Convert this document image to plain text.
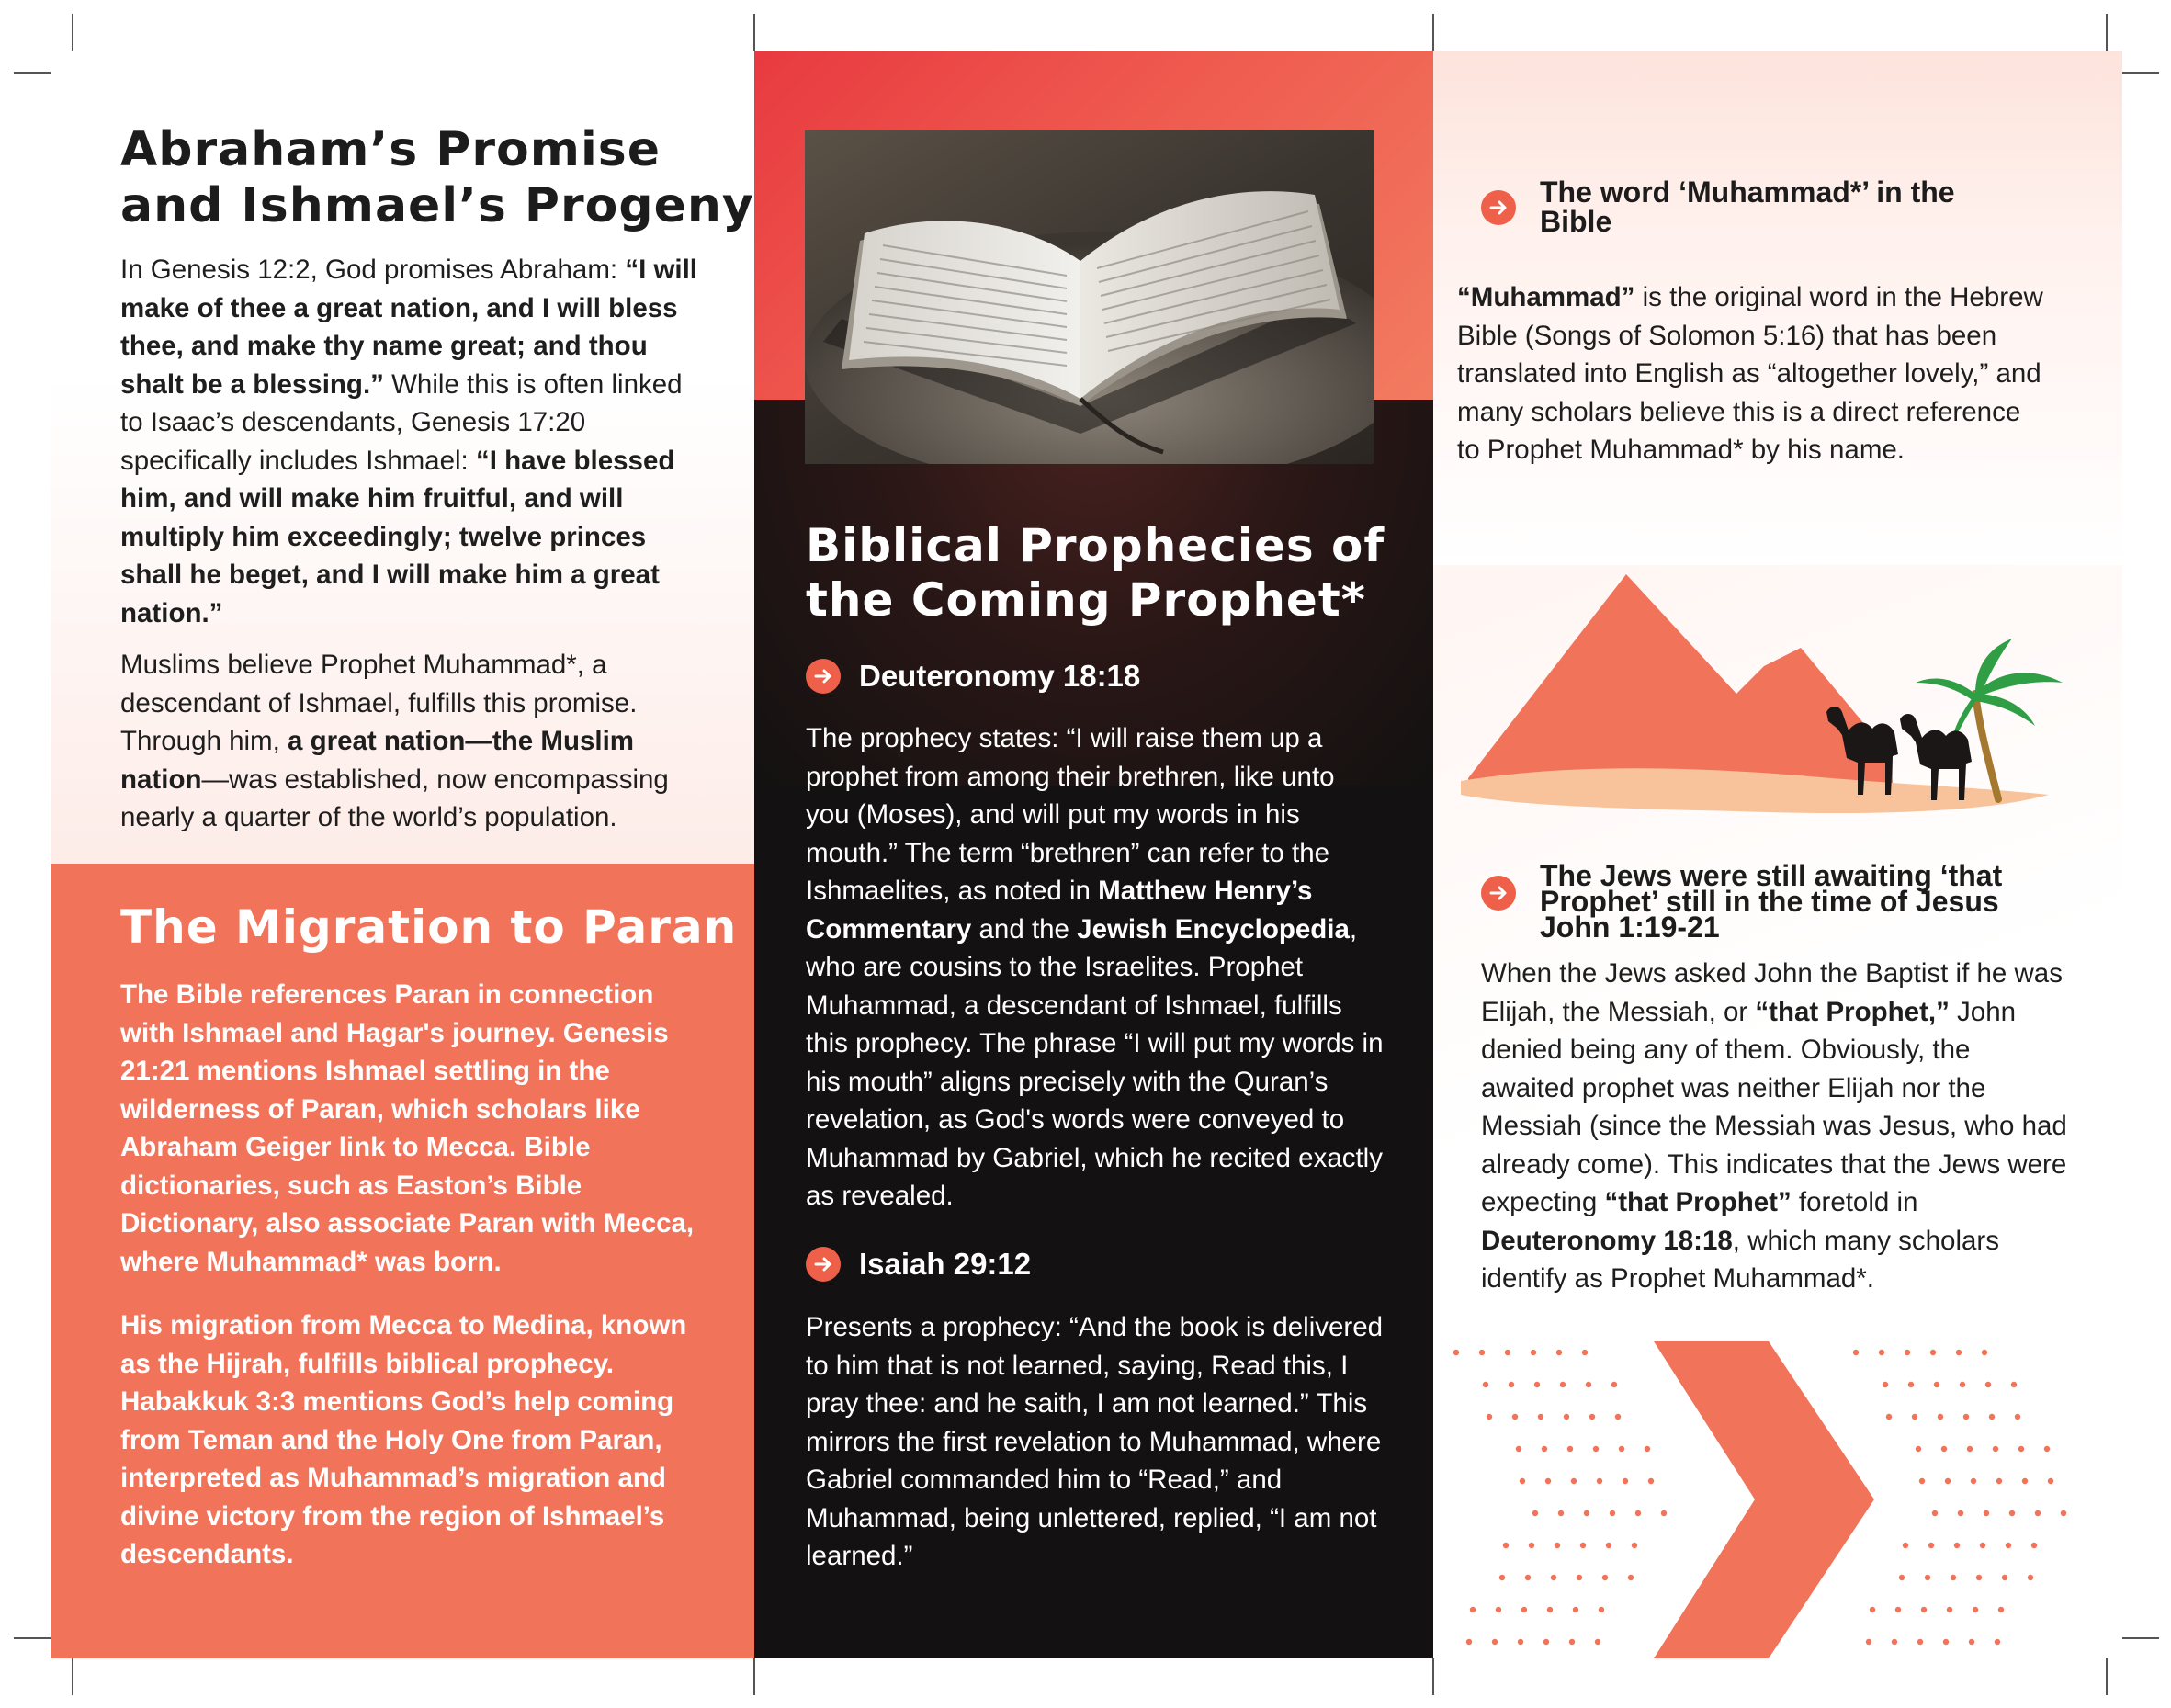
Abraham’s Promise
and Ishmael’s Progeny

In Genesis 12:2, God promises Abraham: “I will make of thee a great nation, and I will bless thee, and make thy name great; and thou shalt be a blessing.” While this is often linked to Isaac’s descendants, Genesis 17:20 specifically includes Ishmael: “I have blessed him, and will make him fruitful, and will multiply him exceedingly; twelve princes shall he beget, and I will make him a great nation.”

Muslims believe Prophet Muhammad*, a descendant of Ishmael, fulfills this promise. Through him, a great nation—the Muslim nation—was established, now encompassing nearly a quarter of the world’s population.

The Migration to Paran

The Bible references Paran in connection with Ishmael and Hagar's journey. Genesis 21:21 mentions Ishmael settling in the wilderness of Paran, which scholars like Abraham Geiger link to Mecca. Bible dictionaries, such as Easton’s Bible Dictionary, also associate Paran with Mecca, where Muhammad* was born.

His migration from Mecca to Medina, known as the Hijrah, fulfills biblical prophecy. Habakkuk 3:3 mentions God’s help coming from Teman and the Holy One from Paran, interpreted as Muhammad’s migration and divine victory from the region of Ishmael’s descendants.

Biblical Prophecies of
the Coming Prophet*
Deuteronomy 18:18

The prophecy states: “I will raise them up a prophet from among their brethren, like unto you (Moses), and will put my words in his mouth.” The term “brethren” can refer to the Ishmaelites, as noted in Matthew Henry’s Commentary and the Jewish Encyclopedia, who are cousins to the Israelites. Prophet Muhammad, a descendant of Ishmael, fulfills this prophecy. The phrase “I will put my words in his mouth” aligns precisely with the Quran’s revelation, as God's words were conveyed to Muhammad by Gabriel, which he recited exactly as revealed.

Isaiah 29:12

Presents a prophecy: “And the book is delivered to him that is not learned, saying, Read this, I pray thee: and he saith, I am not learned.” This mirrors the first revelation to Muhammad, where Gabriel commanded him to “Read,” and Muhammad, being unlettered, replied, “I am not learned.”

The word ‘Muhammad*’ in the Bible

“Muhammad” is the original word in the Hebrew Bible (Songs of Solomon 5:16) that has been translated into English as “altogether lovely,” and many scholars believe this is a direct reference to Prophet Muhammad* by his name.

The Jews were still awaiting ‘that Prophet’ still in the time of Jesus John 1:19-21

When the Jews asked John the Baptist if he was Elijah, the Messiah, or “that Prophet,” John denied being any of them. Obviously, the awaited prophet was neither Elijah nor the Messiah (since the Messiah was Jesus, who had already come). This indicates that the Jews were expecting “that Prophet” foretold in Deuteronomy 18:18, which many scholars identify as Prophet Muhammad*.
